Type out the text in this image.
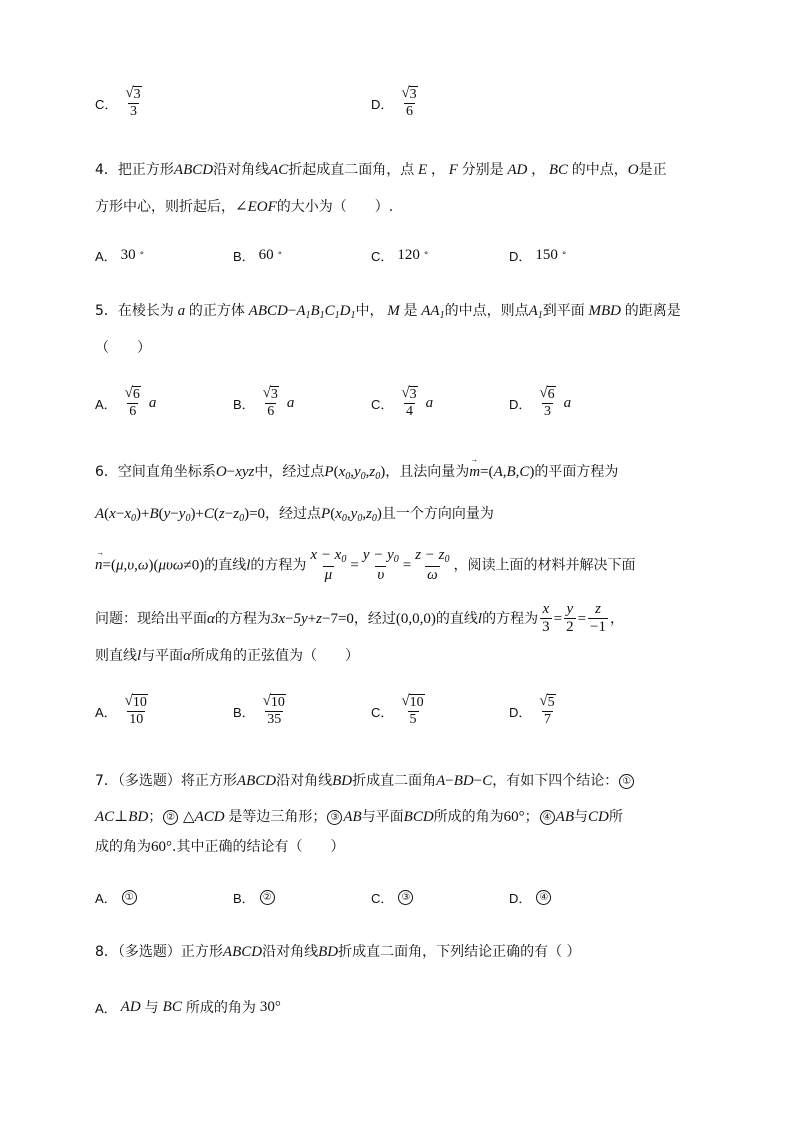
C． $\frac{√ 3}{3}$	D． $\frac{√ 3}{6}$
4．把正方形ABCD沿对角线AC折起成直二面角，点 E ， F 分别是 AD ， BC 的中点，O是正
方形中心，则折起后，∠EOF的大小为（　　）.
A． 30 °	B． 60 °	C． 120 °	D． 150 °
5．在棱长为 a 的正方体 $ABCD-A_1B_1C_1D_1$中， M 是 $AA_1$的中点，则点$A_1$到平面 MBD 的距离是
（　　）
A． $\frac{√ 6}{6}$ a	B． $\frac{√ 3}{6}$ a	C． $\frac{√ 3}{4}$ a	D． $\frac{√ 6}{3}$ a
6．空间直角坐标系O−xyz中，经过点$P(x_0,y_0,z_0)$，且法向量为m
→
=(A,B,C)的平面方程为
$A(x-x_0)+B(y-y_0)+C(z-z_0)=0$，经过点$P(x_0,y_0,z_0)$且一个方向向量为
n
→
=(μ,υ,ω)(μυω≠0)的直线l的方程为 $\frac{x - x_0}{\mu} = \frac{y - y_0}{\upsilon} = \frac{z - z_0}{\omega}$ ，阅读上面的材料并解决下面
问题：现给出平面α的方程为3x−5y+z−7=0，经过(0,0,0)的直线l的方程为 $\frac{x}{3} = \frac{y}{2} = \frac{z}{-1}$ ，
则直线l与平面α所成角的正弦值为（　　）
A． $\frac{√ 10}{10}$	B． $\frac{√ 10}{35}$	C． $\frac{√ 10}{5}$	D． $\frac{√ 5}{7}$
7．（多选题）将正方形ABCD沿对角线BD折成直二面角A−BD−C，有如下四个结论： ①
AC⊥BD； ② △ACD 是等边三角形； ③ AB与平面BCD所成的角为60°； ④ AB与CD所
成的角为60°.其中正确的结论有（　　）
A． ①	B． ②	C． ③	D． ④
8．（多选题）正方形ABCD沿对角线BD折成直二面角，下列结论正确的有（ ）
A． AD 与 BC 所成的角为 30°
